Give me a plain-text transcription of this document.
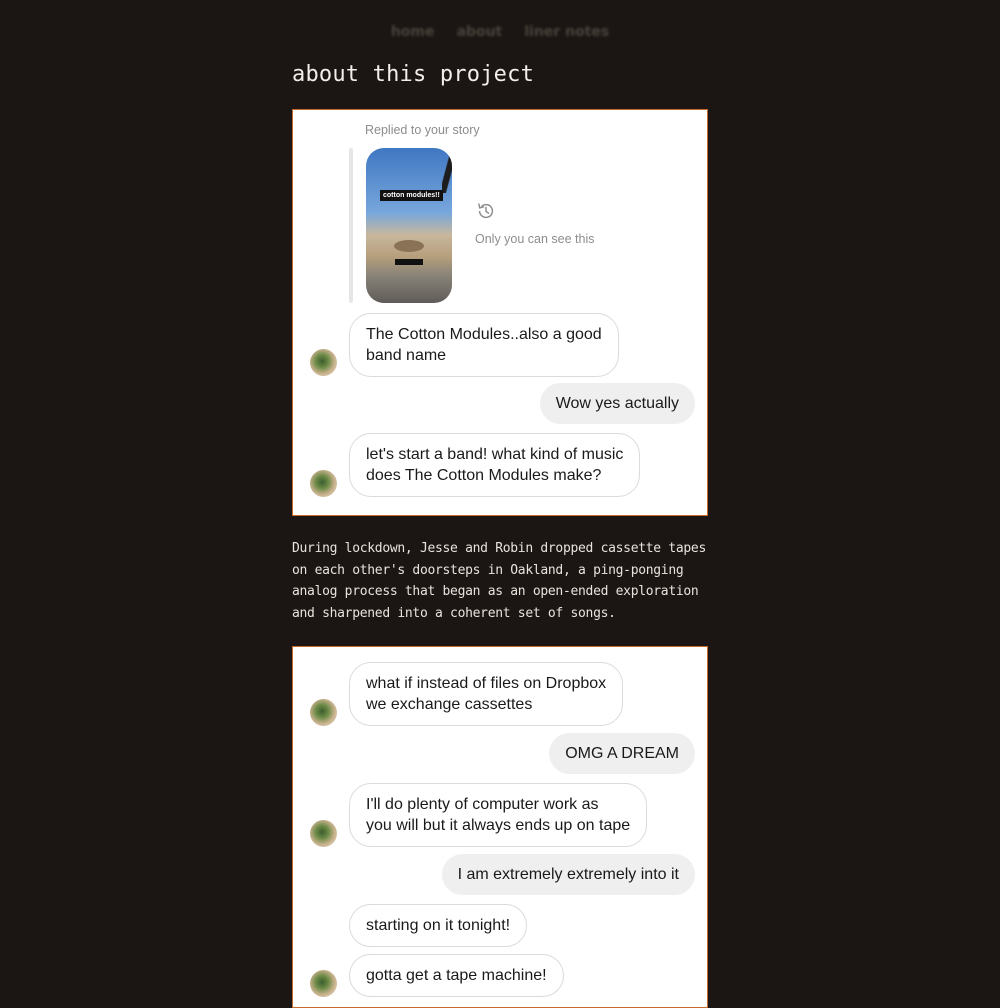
home about liner notes
about this project
Replied to your story
cotton modules!!
Only you can see this
The Cotton Modules..also a good
band name
Wow yes actually
let's start a band! what kind of music
does The Cotton Modules make?

During lockdown, Jesse and Robin dropped cassette tapes on each other's doorsteps in Oakland, a ping-ponging analog process that began as an open-ended exploration and sharpened into a coherent set of songs.

what if instead of files on Dropbox
we exchange cassettes
OMG A DREAM
I'll do plenty of computer work as
you will but it always ends up on tape
I am extremely extremely into it
starting on it tonight!
gotta get a tape machine!
